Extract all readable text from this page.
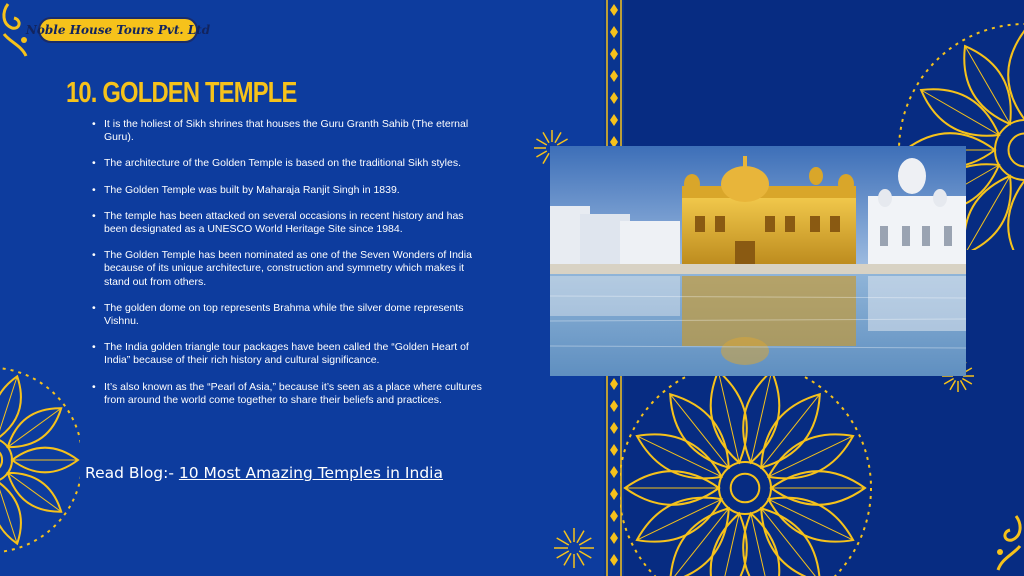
Noble House Tours Pvt. Ltd
10. GOLDEN TEMPLE
• It is the holiest of Sikh shrines that houses the Guru Granth Sahib (The eternal Guru).
• The architecture of the Golden Temple is based on the traditional Sikh styles.
• The Golden Temple was built by Maharaja Ranjit Singh in 1839.
• The temple has been attacked on several occasions in recent history and has been designated as a UNESCO World Heritage Site since 1984.
• The Golden Temple has been nominated as one of the Seven Wonders of India because of its unique architecture, construction and symmetry which makes it stand out from others.
• The golden dome on top represents Brahma while the silver dome represents Vishnu.
• The India golden triangle tour packages have been called the “Golden Heart of India” because of their rich history and cultural significance.
• It’s also known as the “Pearl of Asia,” because it’s seen as a place where cultures from around the world come together to share their beliefs and practices.
Read Blog:- 10 Most Amazing Temples in India
